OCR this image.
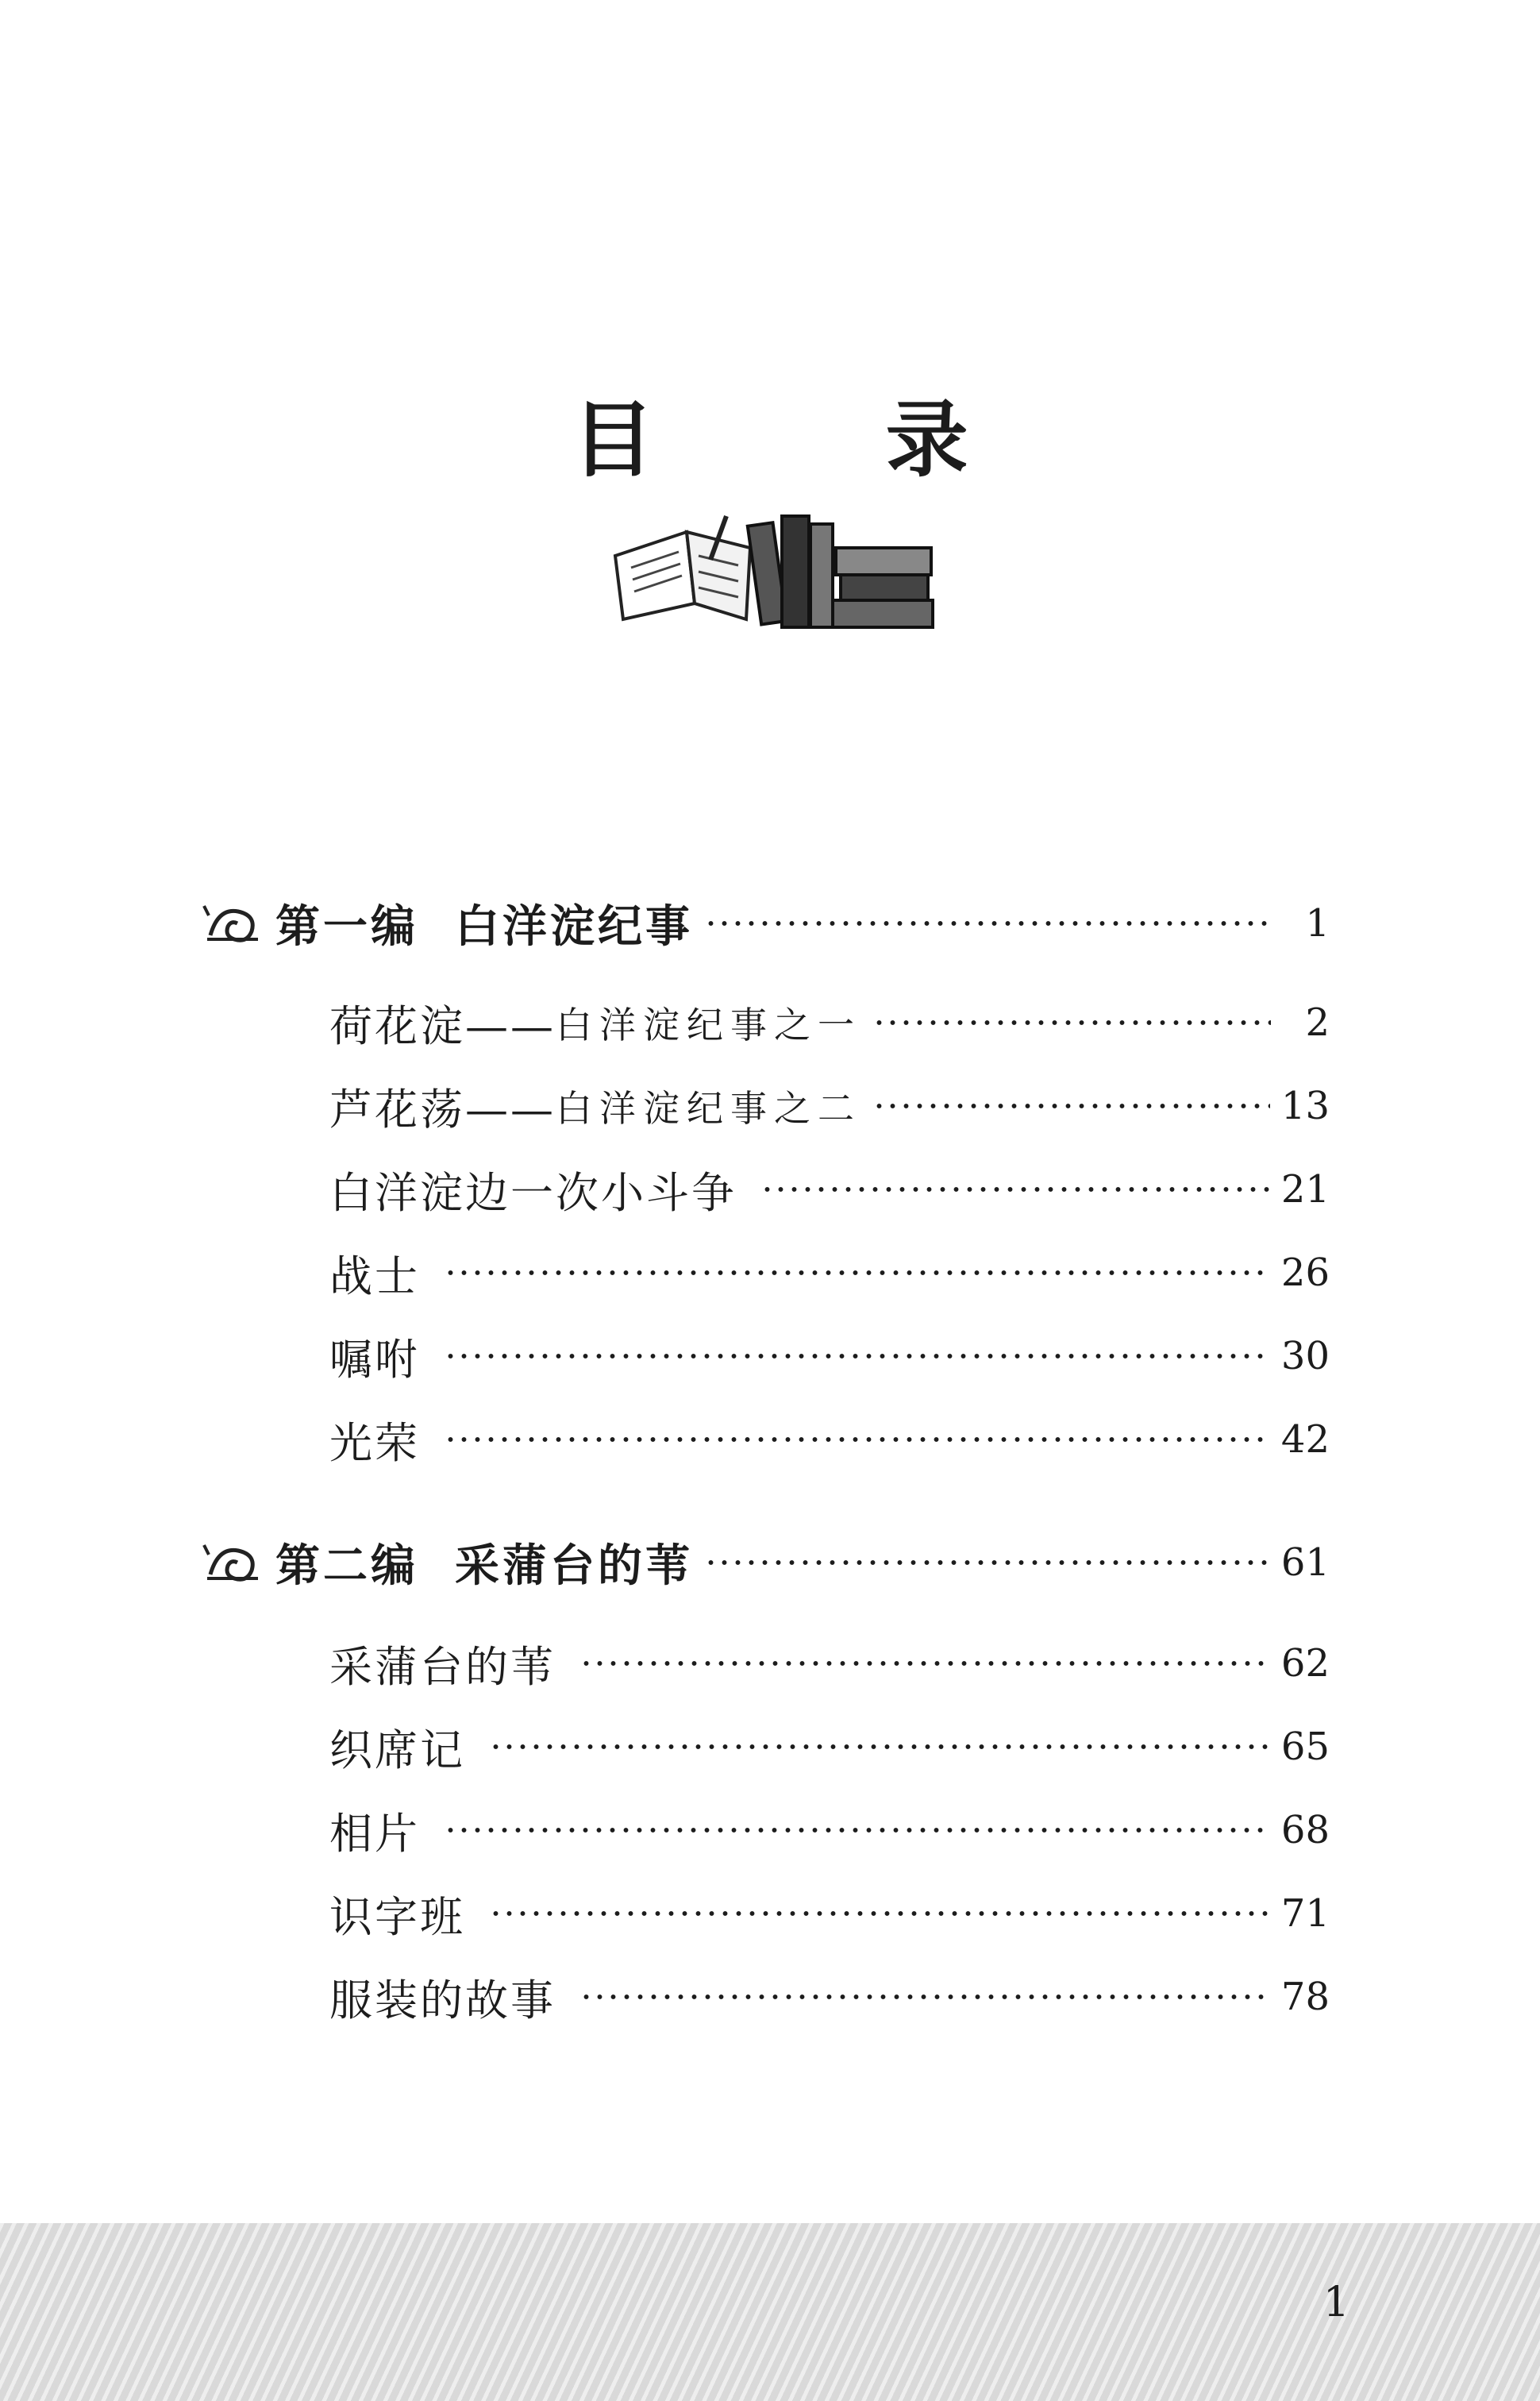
目　录
第一编 白洋淀纪事	1
荷花淀—— 白洋淀纪事之一	2
芦花荡—— 白洋淀纪事之二	13
白洋淀边一次小斗争	21
战士	26
嘱咐	30
光荣	42
第二编 采蒲台的苇	61
采蒲台的苇	62
织席记	65
相片	68
识字班	71
服装的故事	78
1
